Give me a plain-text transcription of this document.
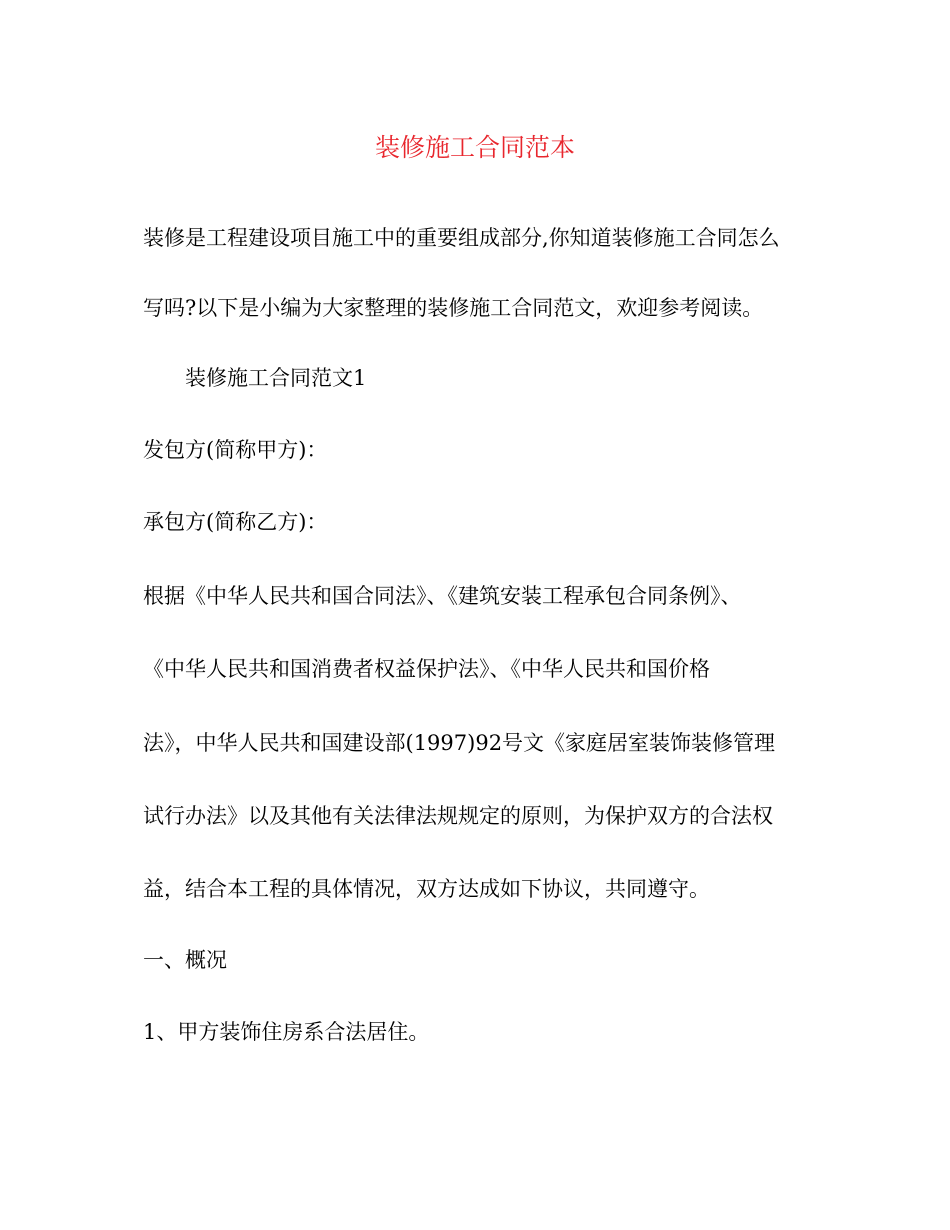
装修施工合同范本
装修是工程建设项目施工中的重要组成部分,你知道装修施工合同怎么
写吗?以下是小编为大家整理的装修施工合同范文，欢迎参考阅读。
装修施工合同范文1
发包方(简称甲方)：
承包方(简称乙方)：
根据《中华人民共和国合同法》、《建筑安装工程承包合同条例》、
《中华人民共和国消费者权益保护法》、《中华人民共和国价格
法》，中华人民共和国建设部(1997)92号文《家庭居室装饰装修管理
试行办法》以及其他有关法律法规规定的原则，为保护双方的合法权
益，结合本工程的具体情况，双方达成如下协议，共同遵守。
一、概况
1、甲方装饰住房系合法居住。
